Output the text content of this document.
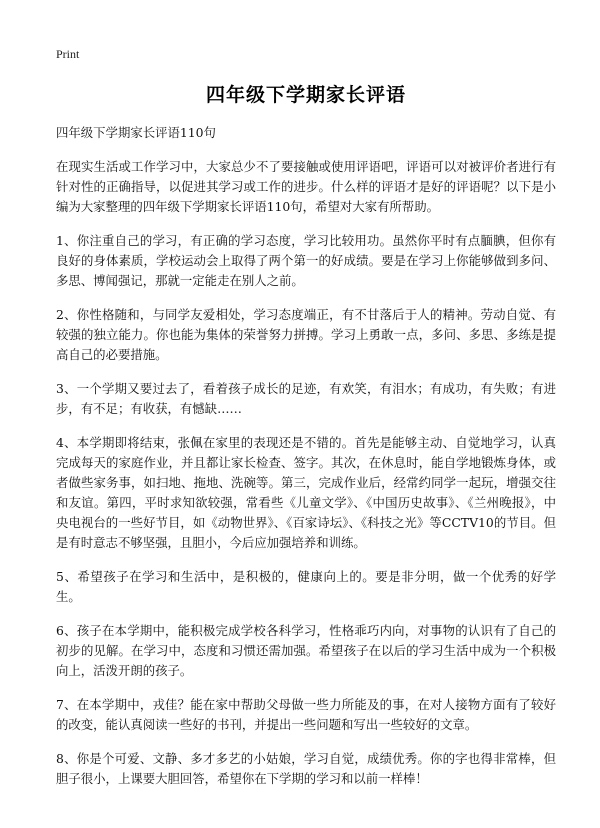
Print
四年级下学期家长评语

四年级下学期家长评语110句

在现实生活或工作学习中，大家总少不了要接触或使用评语吧，评语可以对被评价者进行有针对性的正确指导，以促进其学习或工作的进步。什么样的评语才是好的评语呢？以下是小编为大家整理的四年级下学期家长评语110句，希望对大家有所帮助。

1、你注重自己的学习，有正确的学习态度，学习比较用功。虽然你平时有点腼腆，但你有良好的身体素质，学校运动会上取得了两个第一的好成绩。要是在学习上你能够做到多问、多思、博闻强记，那就一定能走在别人之前。

2、你性格随和，与同学友爱相处，学习态度端正，有不甘落后于人的精神。劳动自觉、有较强的独立能力。你也能为集体的荣誉努力拼搏。学习上勇敢一点，多问、多思、多练是提高自己的必要措施。

3、一个学期又要过去了，看着孩子成长的足迹，有欢笑，有泪水；有成功，有失败；有进步，有不足；有收获，有憾缺……

4、本学期即将结束，张佩在家里的表现还是不错的。首先是能够主动、自觉地学习，认真完成每天的家庭作业，并且都让家长检查、签字。其次，在休息时，能自学地锻炼身体，或者做些家务事，如扫地、拖地、洗碗等。第三，完成作业后，经常约同学一起玩，增强交往和友谊。第四，平时求知欲较强，常看些《儿童文学》、《中国历史故事》、《兰州晚报》，中央电视台的一些好节目，如《动物世界》、《百家诗坛》、《科技之光》等CCTV10的节目。但是有时意志不够坚强，且胆小，今后应加强培养和训练。

5、希望孩子在学习和生活中，是积极的，健康向上的。要是非分明，做一个优秀的好学生。

6、孩子在本学期中，能积极完成学校各科学习，性格乖巧内向，对事物的认识有了自己的初步的见解。在学习中，态度和习惯还需加强。希望孩子在以后的学习生活中成为一个积极向上，活泼开朗的孩子。

7、在本学期中，戎佳？能在家中帮助父母做一些力所能及的事，在对人接物方面有了较好的改变，能认真阅读一些好的书刊，并提出一些问题和写出一些较好的文章。

8、你是个可爱、文静、多才多艺的小姑娘，学习自觉，成绩优秀。你的字也得非常棒，但胆子很小，上课要大胆回答，希望你在下学期的学习和以前一样棒！
